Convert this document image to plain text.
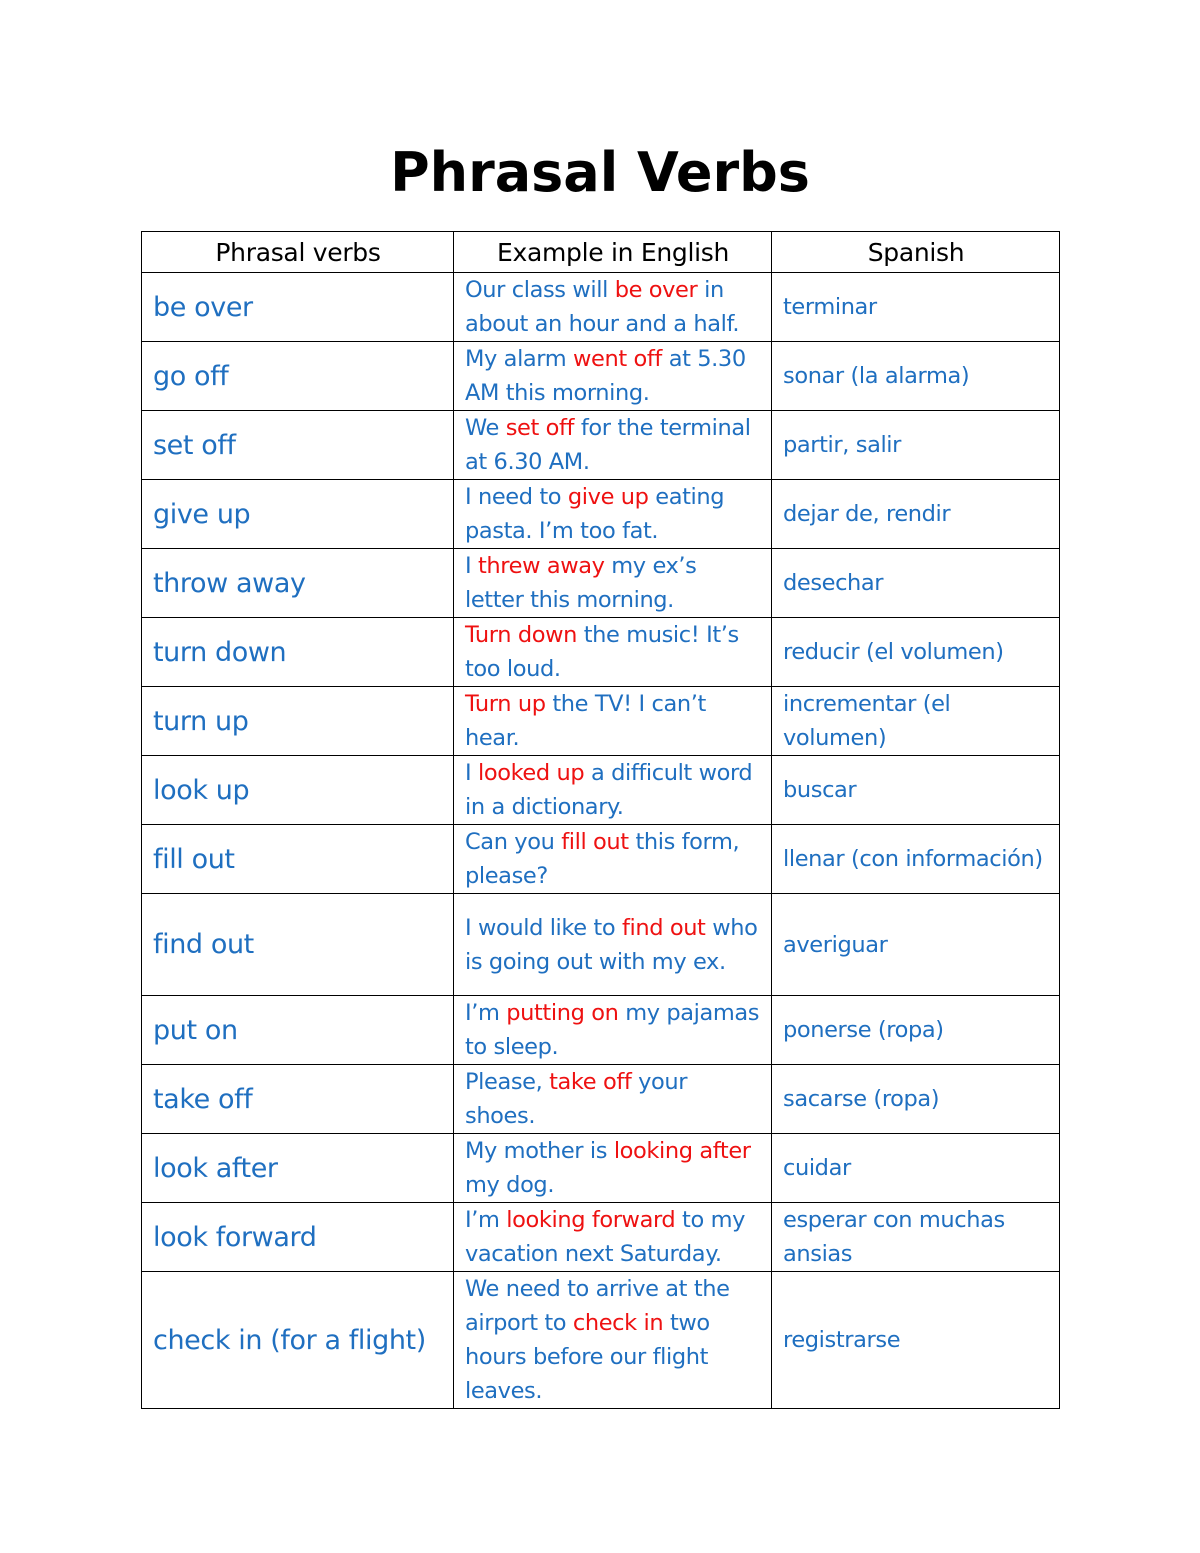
Phrasal Verbs
Phrasal verbs	Example in English	Spanish
be over	Our class will be over in about an hour and a half.	terminar
go off	My alarm went off at 5.30 AM this morning.	sonar (la alarma)
set off	We set off for the terminal at 6.30 AM.	partir, salir
give up	I need to give up eating pasta. I’m too fat.	dejar de, rendir
throw away	I threw away my ex’s letter this morning.	desechar
turn down	Turn down the music! It’s too loud.	reducir (el volumen)
turn up	Turn up the TV! I can’t hear.	incrementar (el volumen)
look up	I looked up a difficult word in a dictionary.	buscar
fill out	Can you fill out this form, please?	llenar (con información)
find out	I would like to find out who is going out with my ex.	averiguar
put on	I’m putting on my pajamas to sleep.	ponerse (ropa)
take off	Please, take off your shoes.	sacarse (ropa)
look after	My mother is looking after my dog.	cuidar
look forward	I’m looking forward to my vacation next Saturday.	esperar con muchas ansias
check in (for a flight)	We need to arrive at the airport to check in two hours before our flight leaves.	registrarse
